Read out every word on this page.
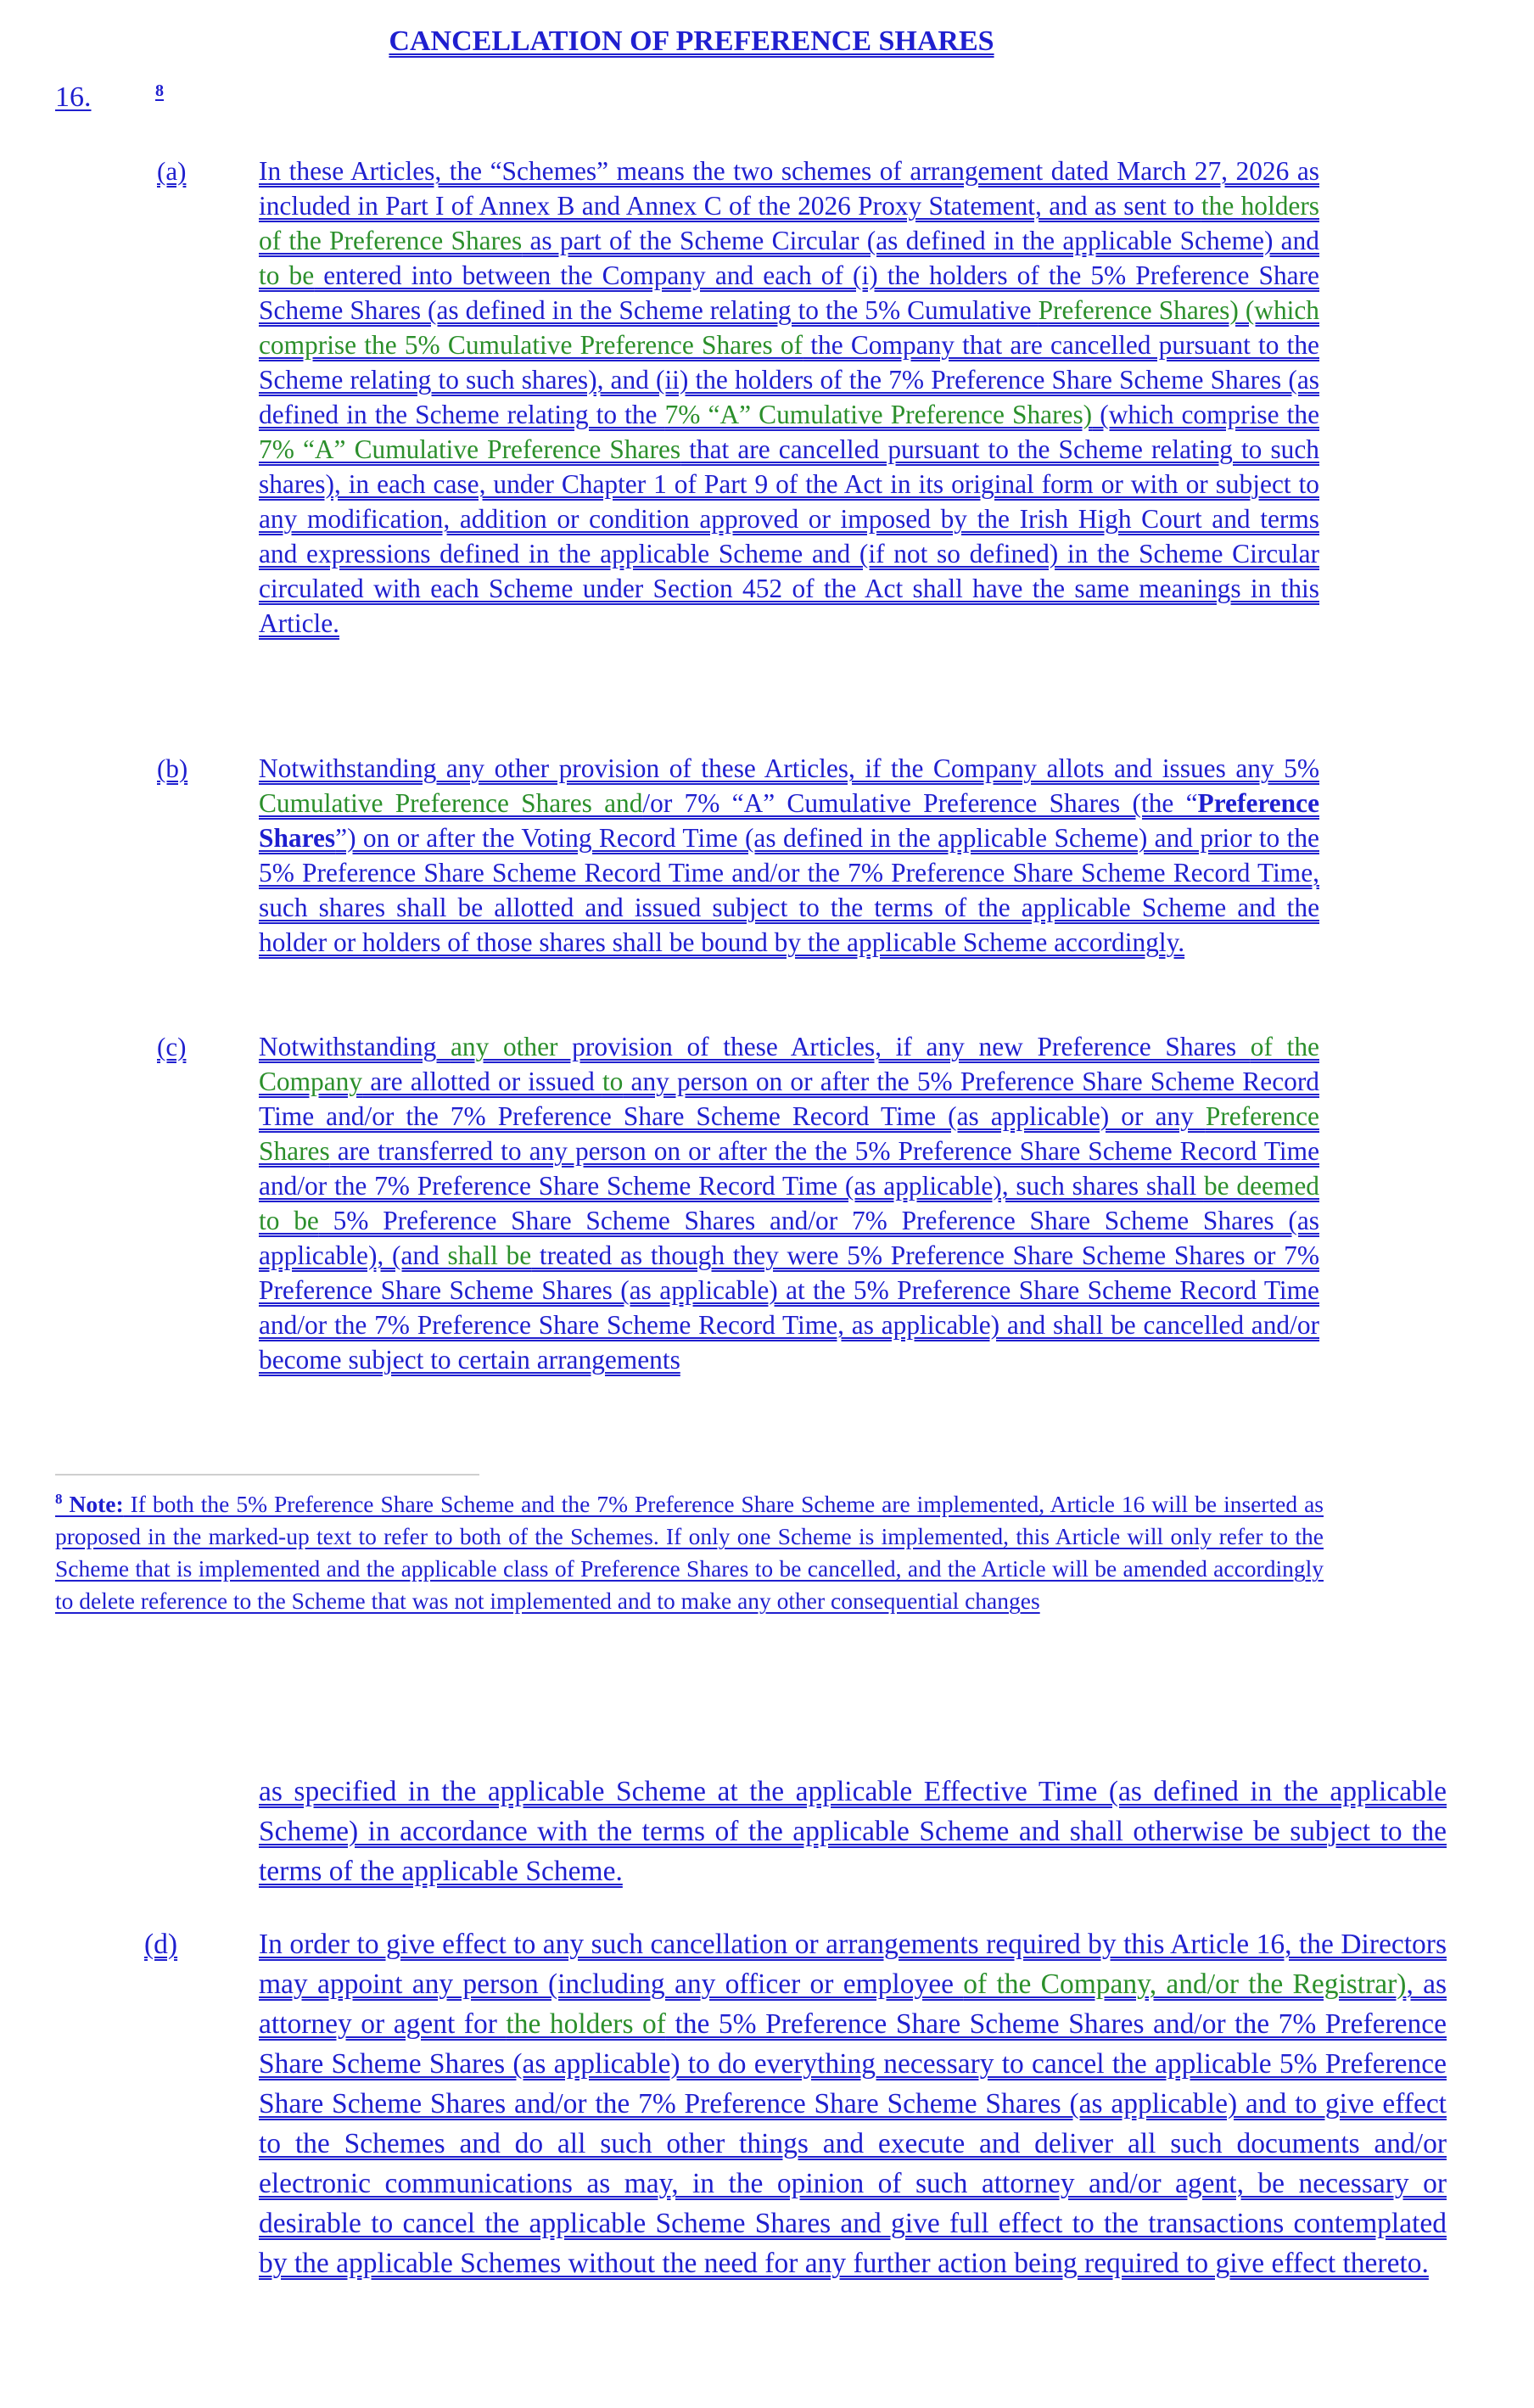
CANCELLATION OF PREFERENCE SHARES
16.	8
(a)	In these Articles, the “Schemes” means the two schemes of arrangement dated March 27, 2026 as included in Part I of Annex B and Annex C of the 2026 Proxy Statement, and as sent to the holders of the Preference Shares as part of the Scheme Circular (as defined in the applicable Scheme) and to be entered into between the Company and each of (i) the holders of the 5% Preference Share Scheme Shares (as defined in the Scheme relating to the 5% Cumulative Preference Shares) (which comprise the 5% Cumulative Preference Shares of the Company that are cancelled pursuant to the Scheme relating to such shares), and (ii) the holders of the 7% Preference Share Scheme Shares (as defined in the Scheme relating to the 7% “A” Cumulative Preference Shares) (which comprise the 7% “A” Cumulative Preference Shares that are cancelled pursuant to the Scheme relating to such shares), in each case, under Chapter 1 of Part 9 of the Act in its original form or with or subject to any modification, addition or condition approved or imposed by the Irish High Court and terms and expressions defined in the applicable Scheme and (if not so defined) in the Scheme Circular circulated with each Scheme under Section 452 of the Act shall have the same meanings in this Article.
(b)	Notwithstanding any other provision of these Articles, if the Company allots and issues any 5% Cumulative Preference Shares and/or 7% “A” Cumulative Preference Shares (the “Preference Shares”) on or after the Voting Record Time (as defined in the applicable Scheme) and prior to the 5% Preference Share Scheme Record Time and/or the 7% Preference Share Scheme Record Time, such shares shall be allotted and issued subject to the terms of the applicable Scheme and the holder or holders of those shares shall be bound by the applicable Scheme accordingly.
(c)	Notwithstanding any other provision of these Articles, if any new Preference Shares of the Company are allotted or issued to any person on or after the 5% Preference Share Scheme Record Time and/or the 7% Preference Share Scheme Record Time (as applicable) or any Preference Shares are transferred to any person on or after the the 5% Preference Share Scheme Record Time and/or the 7% Preference Share Scheme Record Time (as applicable), such shares shall be deemed to be 5% Preference Share Scheme Shares and/or 7% Preference Share Scheme Shares (as applicable), (and shall be treated as though they were 5% Preference Share Scheme Shares or 7% Preference Share Scheme Shares (as applicable) at the 5% Preference Share Scheme Record Time and/or the 7% Preference Share Scheme Record Time, as applicable) and shall be cancelled and/or become subject to certain arrangements
$^8$ Note: If both the 5% Preference Share Scheme and the 7% Preference Share Scheme are implemented, Article 16 will be inserted as proposed in the marked-up text to refer to both of the Schemes. If only one Scheme is implemented, this Article will only refer to the Scheme that is implemented and the applicable class of Preference Shares to be cancelled, and the Article will be amended accordingly to delete reference to the Scheme that was not implemented and to make any other consequential changes
as specified in the applicable Scheme at the applicable Effective Time (as defined in the applicable Scheme) in accordance with the terms of the applicable Scheme and shall otherwise be subject to the terms of the applicable Scheme.
(d)	In order to give effect to any such cancellation or arrangements required by this Article 16, the Directors may appoint any person (including any officer or employee of the Company, and/or the Registrar), as attorney or agent for the holders of the 5% Preference Share Scheme Shares and/or the 7% Preference Share Scheme Shares (as applicable) to do everything necessary to cancel the applicable 5% Preference Share Scheme Shares and/or the 7% Preference Share Scheme Shares (as applicable) and to give effect to the Schemes and do all such other things and execute and deliver all such documents and/or electronic communications as may, in the opinion of such attorney and/or agent, be necessary or desirable to cancel the applicable Scheme Shares and give full effect to the transactions contemplated by the applicable Schemes without the need for any further action being required to give effect thereto.
